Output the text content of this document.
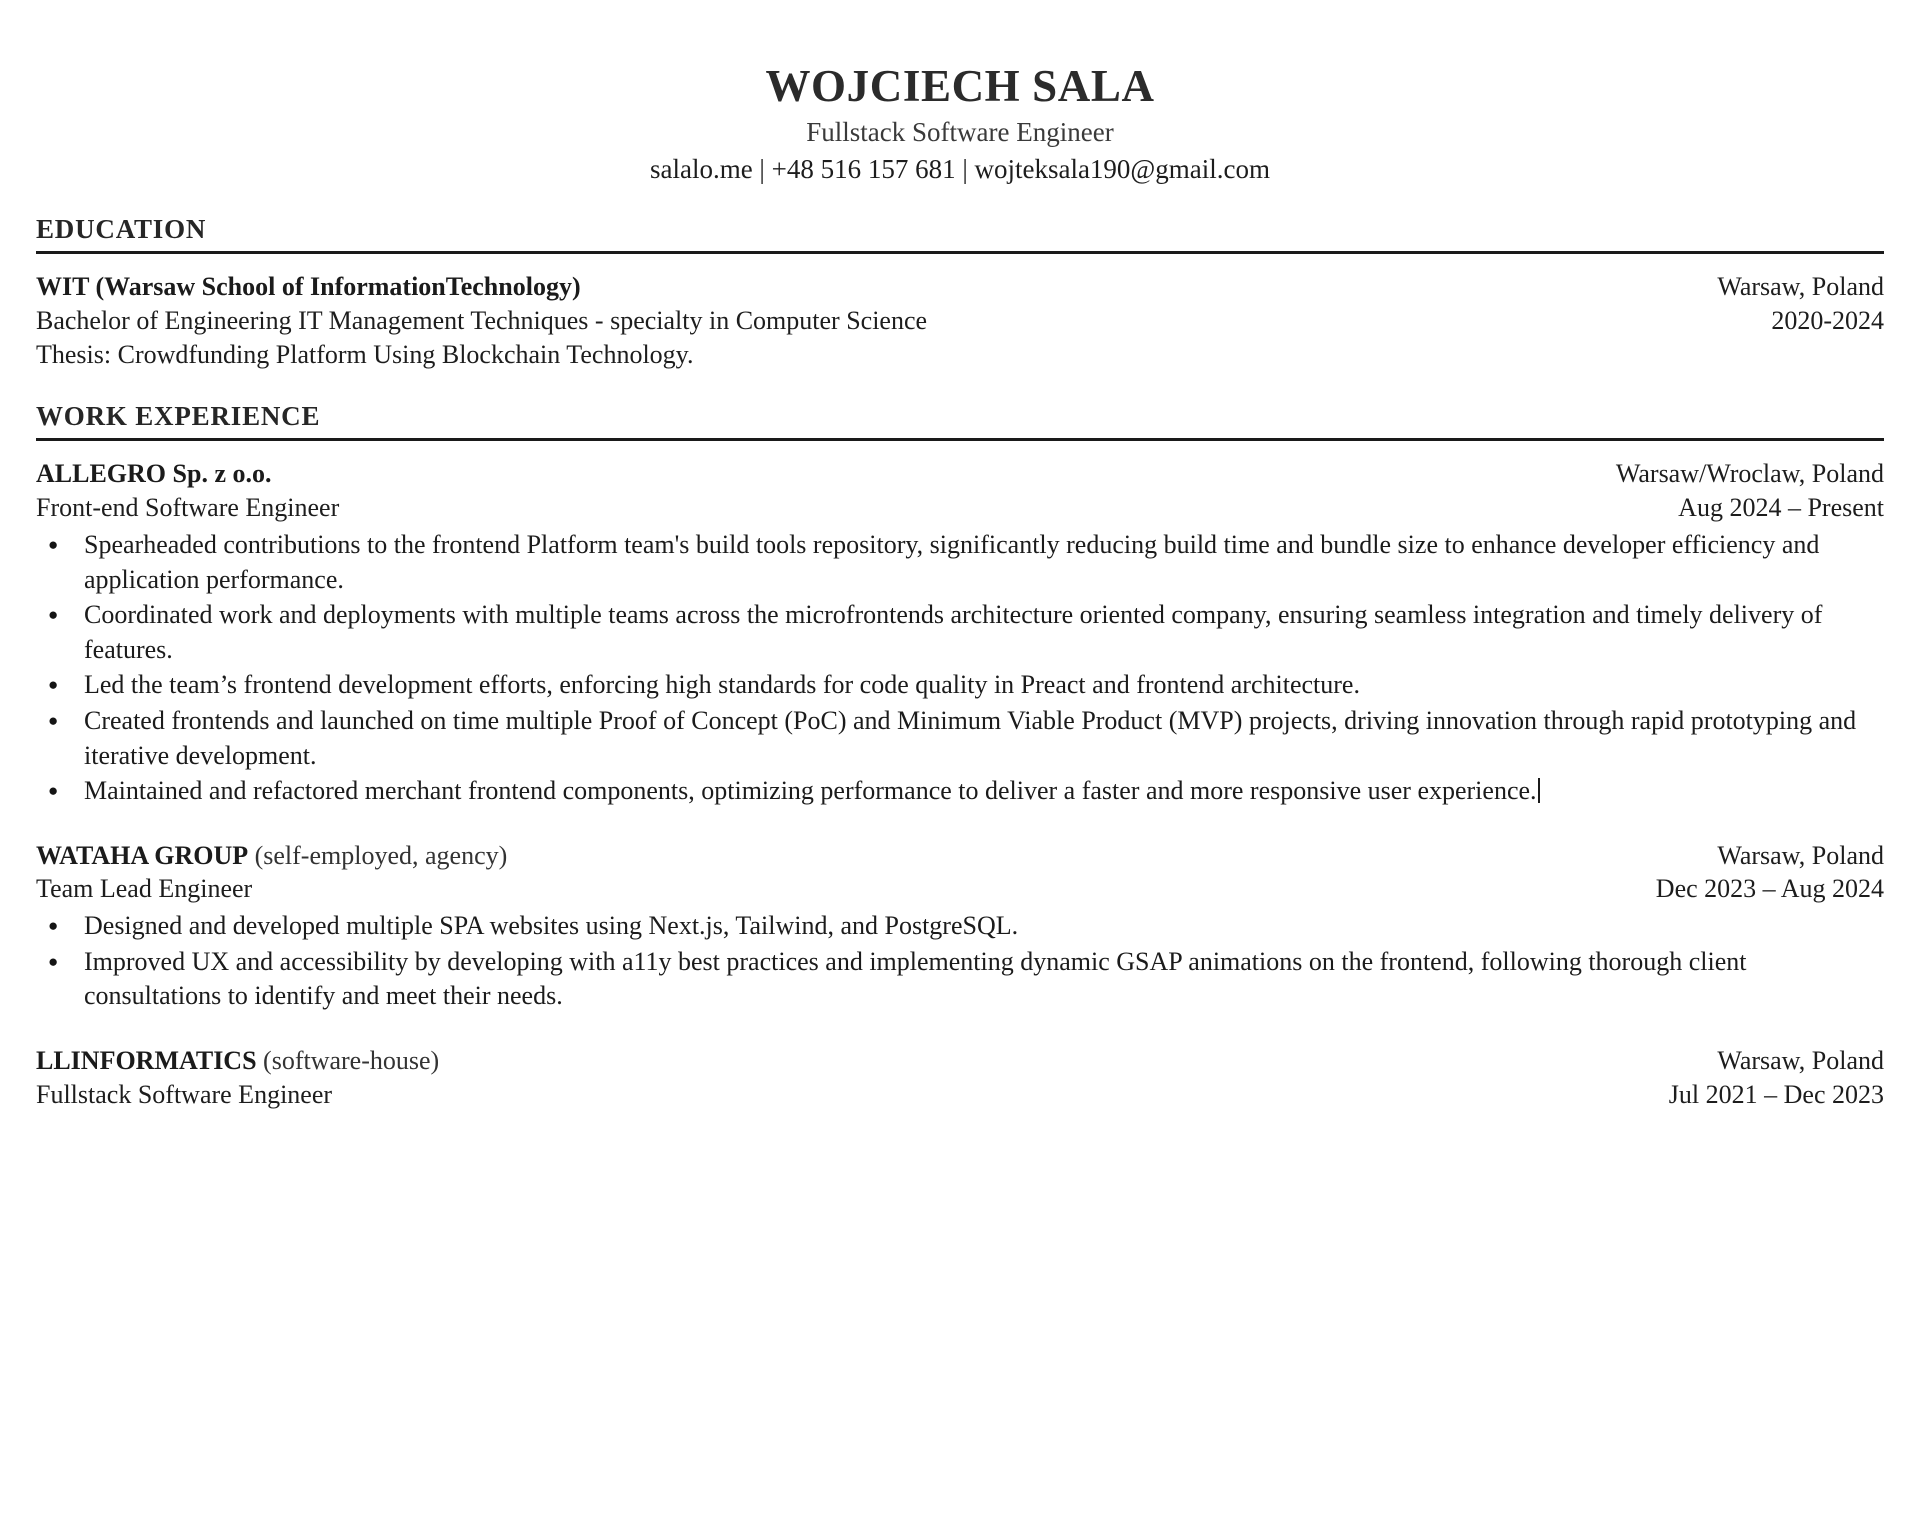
WOJCIECH SALA
Fullstack Software Engineer
salalo.me | +48 516 157 681 | wojteksala190@gmail.com
EDUCATION
WIT (Warsaw School of InformationTechnology)	Warsaw, Poland
Bachelor of Engineering IT Management Techniques - specialty in Computer Science	2020-2024
Thesis: Crowdfunding Platform Using Blockchain Technology.
WORK EXPERIENCE
ALLEGRO Sp. z o.o.	Warsaw/Wroclaw, Poland
Front-end Software Engineer	Aug 2024 – Present
● Spearheaded contributions to the frontend Platform team's build tools repository, significantly reducing build time and bundle size to enhance developer efficiency and application performance.
● Coordinated work and deployments with multiple teams across the microfrontends architecture oriented company, ensuring seamless integration and timely delivery of features.
● Led the team’s frontend development efforts, enforcing high standards for code quality in Preact and frontend architecture.
● Created frontends and launched on time multiple Proof of Concept (PoC) and Minimum Viable Product (MVP) projects, driving innovation through rapid prototyping and iterative development.
● Maintained and refactored merchant frontend components, optimizing performance to deliver a faster and more responsive user experience.
WATAHA GROUP (self-employed, agency)	Warsaw, Poland
Team Lead Engineer	Dec 2023 – Aug 2024
● Designed and developed multiple SPA websites using Next.js, Tailwind, and PostgreSQL.
● Improved UX and accessibility by developing with a11y best practices and implementing dynamic GSAP animations on the frontend, following thorough client consultations to identify and meet their needs.
LLINFORMATICS (software-house)	Warsaw, Poland
Fullstack Software Engineer	Jul 2021 – Dec 2023
